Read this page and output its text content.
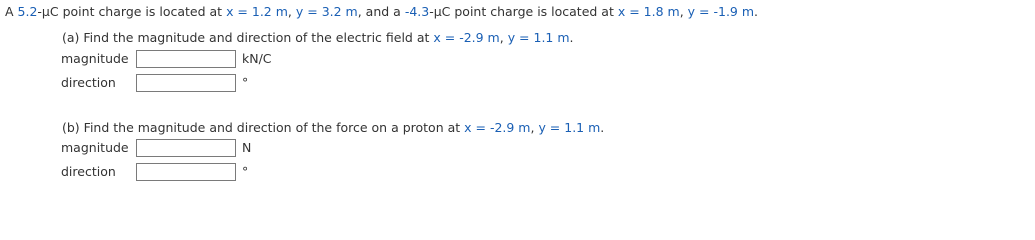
A 5.2-μC point charge is located at x = 1.2 m, y = 3.2 m, and a -4.3-μC point charge is located at x = 1.8 m, y = -1.9 m.
(a) Find the magnitude and direction of the electric field at x = -2.9 m, y = 1.1 m.
magnitude	kN/C
direction	°
(b) Find the magnitude and direction of the force on a proton at x = -2.9 m, y = 1.1 m.
magnitude	N
direction	°
